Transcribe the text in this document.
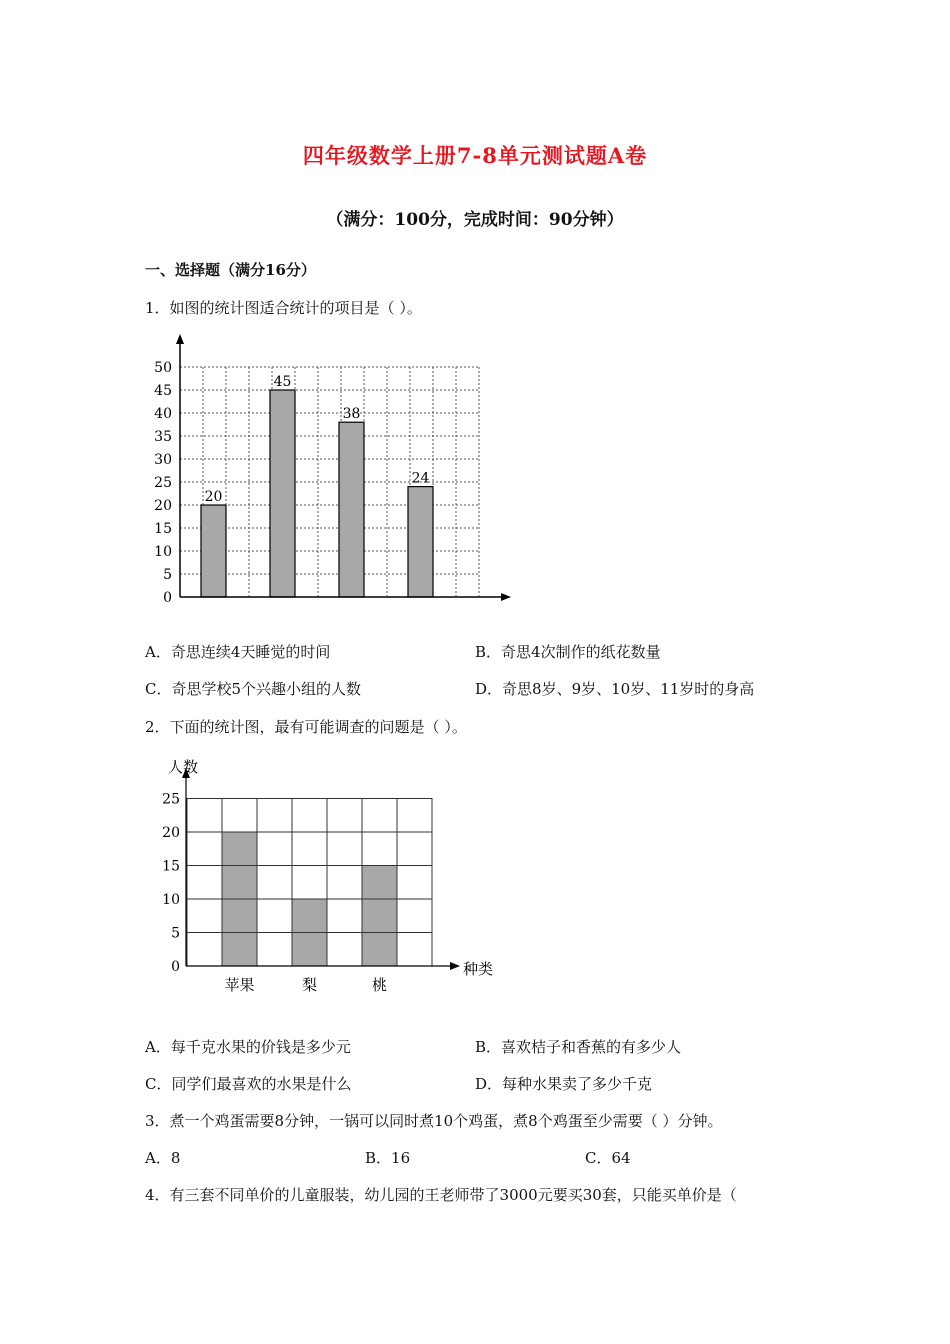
四年级数学上册7-8单元测试题A卷
（满分：100分，完成时间：90分钟）
一、选择题（满分16分）
1．如图的统计图适合统计的项目是（ ）。
0
5
10
15
20
25
30
35
40
45
50
20
45
38
24
A．奇思连续4天睡觉的时间	B．奇思4次制作的纸花数量
C．奇思学校5个兴趣小组的人数	D．奇思8岁、9岁、10岁、11岁时的身高
2．下面的统计图，最有可能调查的问题是（ ）。
0
5
10
15
20
25
苹果	梨	桃
人数
种类
A．每千克水果的价钱是多少元	B．喜欢桔子和香蕉的有多少人
C．同学们最喜欢的水果是什么	D．每种水果卖了多少千克
3．煮一个鸡蛋需要8分钟，一锅可以同时煮10个鸡蛋，煮8个鸡蛋至少需要（ ）分钟。
A．8	B．16	C．64
4．有三套不同单价的儿童服装，幼儿园的王老师带了3000元要买30套，只能买单价是（
